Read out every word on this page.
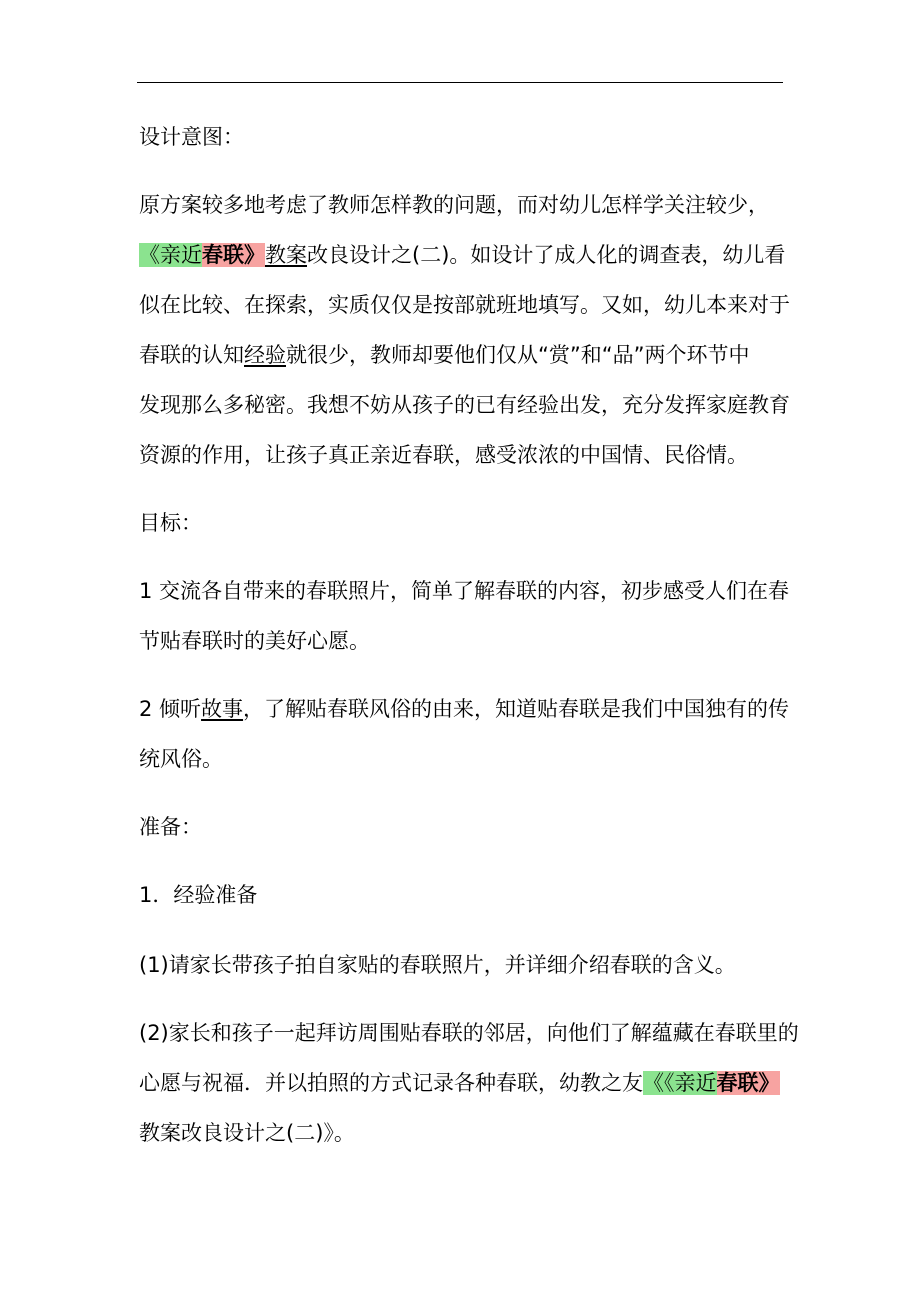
设计意图：
原方案较多地考虑了教师怎样教的问题，而对幼儿怎样学关注较少，
《亲近春联》教案改良设计之(二)。如设计了成人化的调查表，幼儿看
似在比较、在探索，实质仅仅是按部就班地填写。又如，幼儿本来对于
春联的认知经验就很少，教师却要他们仅从“赏”和“品”两个环节中
发现那么多秘密。我想不妨从孩子的已有经验出发，充分发挥家庭教育
资源的作用，让孩子真正亲近春联，感受浓浓的中国情、民俗情。
目标：
1 交流各自带来的春联照片，简单了解春联的内容，初步感受人们在春
节贴春联时的美好心愿。
2 倾听故事，了解贴春联风俗的由来，知道贴春联是我们中国独有的传
统风俗。
准备：
1．经验准备
(1)请家长带孩子拍自家贴的春联照片，并详细介绍春联的含义。
(2)家长和孩子一起拜访周围贴春联的邻居，向他们了解蕴藏在春联里的
心愿与祝福．并以拍照的方式记录各种春联，幼教之友《《亲近春联》
教案改良设计之(二)》。
